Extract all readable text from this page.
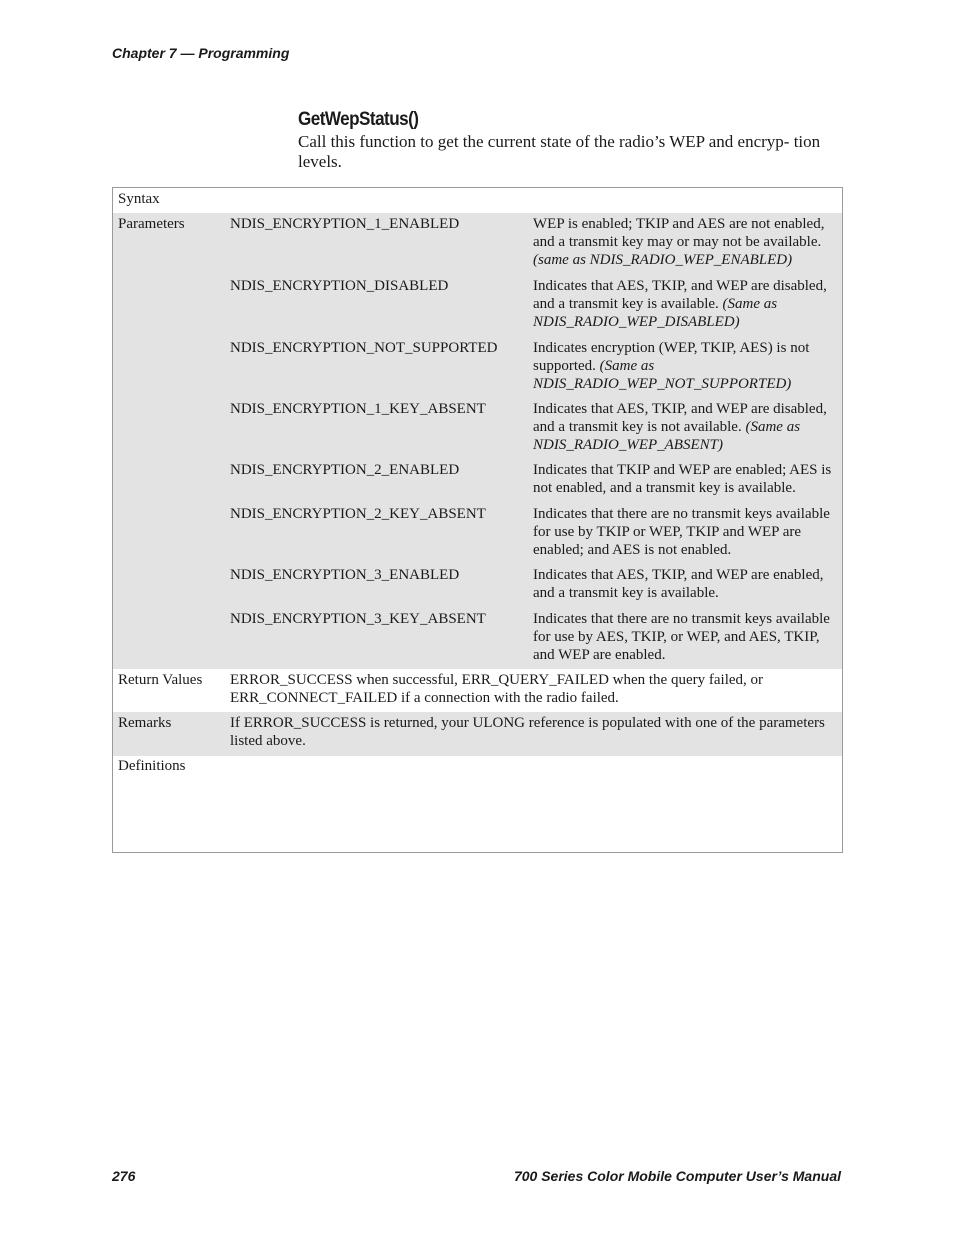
Chapter 7 — Programming
GetWepStatus()
Call this function to get the current state of the radio’s WEP and encryp- tion levels.
Syntax
Parameters	NDIS_ENCRYPTION_1_ENABLED	WEP is enabled; TKIP and AES are not enabled, and a transmit key may or may not be available. (same as NDIS_RADIO_WEP_ENABLED)
NDIS_ENCRYPTION_DISABLED	Indicates that AES, TKIP, and WEP are disabled, and a transmit key is available. (Same as NDIS_RADIO_WEP_DISABLED)
NDIS_ENCRYPTION_NOT_SUPPORTED Indicates encryption (WEP, TKIP, AES) is not supported. (Same as NDIS_RADIO_WEP_NOT_SUPPORTED)
NDIS_ENCRYPTION_1_KEY_ABSENT	Indicates that AES, TKIP, and WEP are disabled, and a transmit key is not available. (Same as NDIS_RADIO_WEP_ABSENT)
NDIS_ENCRYPTION_2_ENABLED	Indicates that TKIP and WEP are enabled; AES is not enabled, and a transmit key is available.
NDIS_ENCRYPTION_2_KEY_ABSENT	Indicates that there are no transmit keys available for use by TKIP or WEP, TKIP and WEP are enabled; and AES is not enabled.
NDIS_ENCRYPTION_3_ENABLED	Indicates that AES, TKIP, and WEP are enabled, and a transmit key is available.
NDIS_ENCRYPTION_3_KEY_ABSENT	Indicates that there are no transmit keys available for use by AES, TKIP, or WEP, and AES, TKIP, and WEP are enabled.
Return Values ERROR_SUCCESS when successful, ERR_QUERY_FAILED when the query failed, or ERR_CONNECT_FAILED if a connection with the radio failed.
Remarks	If ERROR_SUCCESS is returned, your ULONG reference is populated with one of the parameters listed above.
Definitions
276	700 Series Color Mobile Computer User’s Manual
